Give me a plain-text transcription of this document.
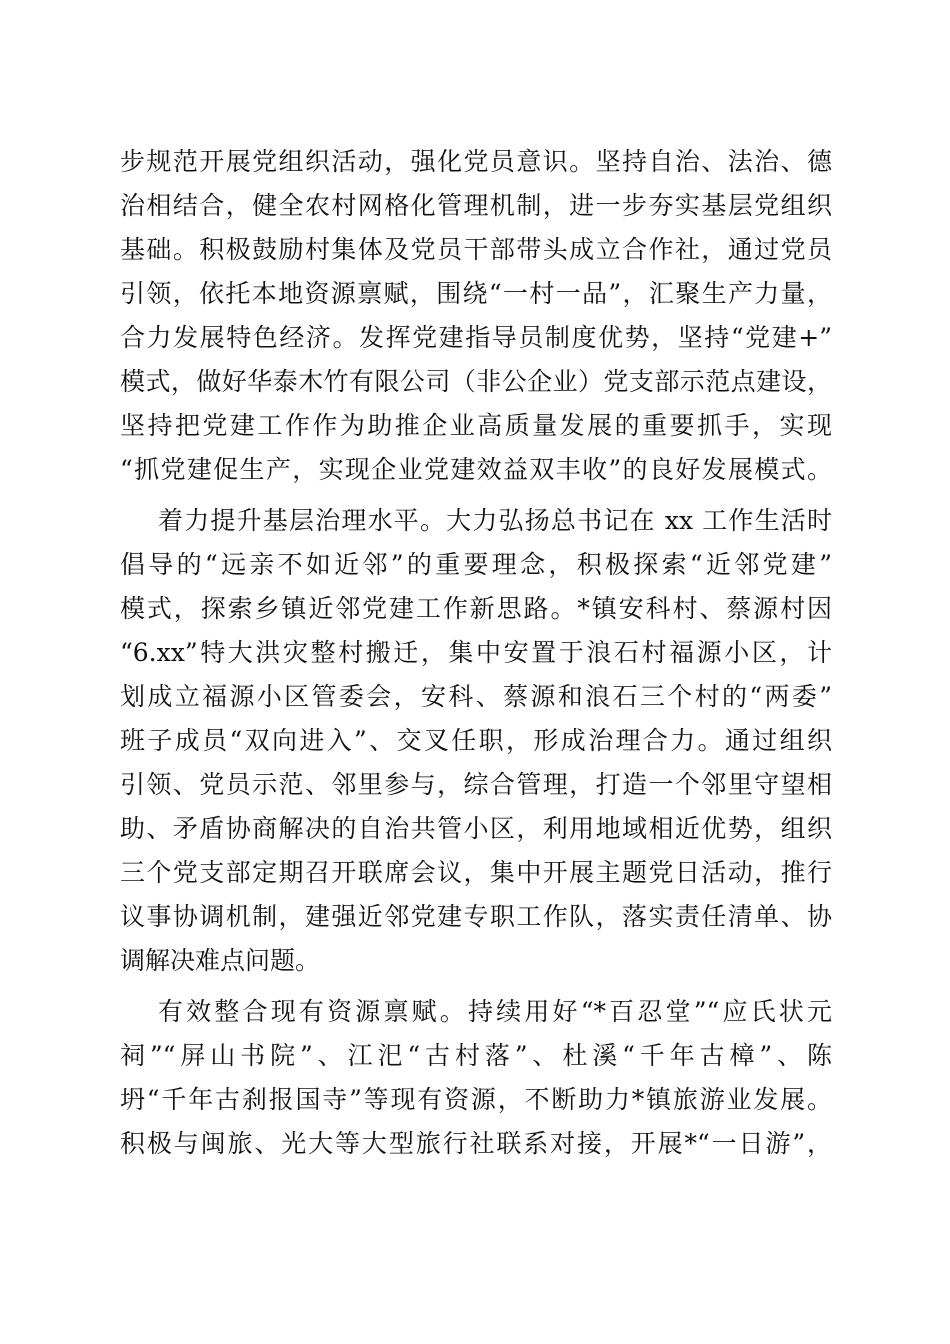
步规范开展党组织活动，强化党员意识。坚持自治、法治、德
治相结合，健全农村网格化管理机制，进一步夯实基层党组织
基础。积极鼓励村集体及党员干部带头成立合作社，通过党员
引领，依托本地资源禀赋，围绕“一村一品”，汇聚生产力量，
合力发展特色经济。发挥党建指导员制度优势，坚持“党建+”
模式，做好华泰木竹有限公司（非公企业）党支部示范点建设，
坚持把党建工作作为助推企业高质量发展的重要抓手，实现
“抓党建促生产，实现企业党建效益双丰收”的良好发展模式。
着力提升基层治理水平。大力弘扬总书记在 xx 工作生活时
倡导的“远亲不如近邻”的重要理念，积极探索“近邻党建”
模式，探索乡镇近邻党建工作新思路。*镇安科村、蔡源村因
“6.xx”特大洪灾整村搬迁，集中安置于浪石村福源小区，计
划成立福源小区管委会，安科、蔡源和浪石三个村的“两委”
班子成员“双向进入”、交叉任职，形成治理合力。通过组织
引领、党员示范、邻里参与，综合管理，打造一个邻里守望相
助、矛盾协商解决的自治共管小区，利用地域相近优势，组织
三个党支部定期召开联席会议，集中开展主题党日活动，推行
议事协调机制，建强近邻党建专职工作队，落实责任清单、协
调解决难点问题。
有效整合现有资源禀赋。持续用好“*百忍堂”“应氏状元
祠”“屏山书院”、江汜“古村落”、杜溪“千年古樟”、陈
坍“千年古刹报国寺”等现有资源，不断助力*镇旅游业发展。
积极与闽旅、光大等大型旅行社联系对接，开展*“一日游”，
